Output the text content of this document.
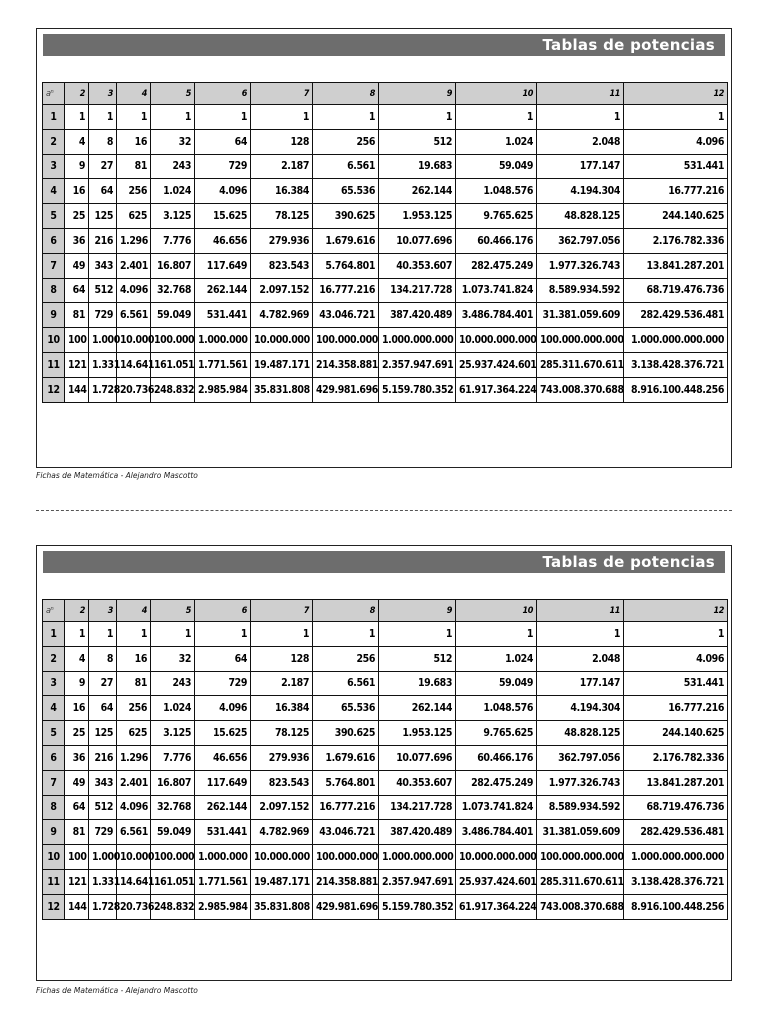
Tablas de potencias
aⁿ	2	3	4	5	6	7	8	9	10	11	12
1	1	1	1	1	1	1	1	1	1	1	1
2	4	8	16	32	64	128	256	512	1.024	2.048	4.096
3	9	27	81	243	729	2.187	6.561	19.683	59.049	177.147	531.441
4	16	64	256	1.024	4.096	16.384	65.536	262.144	1.048.576	4.194.304	16.777.216
5	25	125	625	3.125	15.625	78.125	390.625	1.953.125	9.765.625	48.828.125	244.140.625
6	36	216	1.296	7.776	46.656	279.936	1.679.616	10.077.696	60.466.176	362.797.056	2.176.782.336
7	49	343	2.401	16.807	117.649	823.543	5.764.801	40.353.607	282.475.249	1.977.326.743	13.841.287.201
8	64	512	4.096	32.768	262.144	2.097.152	16.777.216	134.217.728	1.073.741.824	8.589.934.592	68.719.476.736
9	81	729	6.561	59.049	531.441	4.782.969	43.046.721	387.420.489	3.486.784.401	31.381.059.609	282.429.536.481
10	100	1.000	10.000	100.000	1.000.000	10.000.000	100.000.000	1.000.000.000	10.000.000.000	100.000.000.000	1.000.000.000.000
11	121	1.331	14.641	161.051	1.771.561	19.487.171	214.358.881	2.357.947.691	25.937.424.601	285.311.670.611	3.138.428.376.721
12	144	1.728	20.736	248.832	2.985.984	35.831.808	429.981.696	5.159.780.352	61.917.364.224	743.008.370.688	8.916.100.448.256
Fichas de Matemática - Alejandro Mascotto
Tablas de potencias
aⁿ	2	3	4	5	6	7	8	9	10	11	12
1	1	1	1	1	1	1	1	1	1	1	1
2	4	8	16	32	64	128	256	512	1.024	2.048	4.096
3	9	27	81	243	729	2.187	6.561	19.683	59.049	177.147	531.441
4	16	64	256	1.024	4.096	16.384	65.536	262.144	1.048.576	4.194.304	16.777.216
5	25	125	625	3.125	15.625	78.125	390.625	1.953.125	9.765.625	48.828.125	244.140.625
6	36	216	1.296	7.776	46.656	279.936	1.679.616	10.077.696	60.466.176	362.797.056	2.176.782.336
7	49	343	2.401	16.807	117.649	823.543	5.764.801	40.353.607	282.475.249	1.977.326.743	13.841.287.201
8	64	512	4.096	32.768	262.144	2.097.152	16.777.216	134.217.728	1.073.741.824	8.589.934.592	68.719.476.736
9	81	729	6.561	59.049	531.441	4.782.969	43.046.721	387.420.489	3.486.784.401	31.381.059.609	282.429.536.481
10	100	1.000	10.000	100.000	1.000.000	10.000.000	100.000.000	1.000.000.000	10.000.000.000	100.000.000.000	1.000.000.000.000
11	121	1.331	14.641	161.051	1.771.561	19.487.171	214.358.881	2.357.947.691	25.937.424.601	285.311.670.611	3.138.428.376.721
12	144	1.728	20.736	248.832	2.985.984	35.831.808	429.981.696	5.159.780.352	61.917.364.224	743.008.370.688	8.916.100.448.256
Fichas de Matemática - Alejandro Mascotto
